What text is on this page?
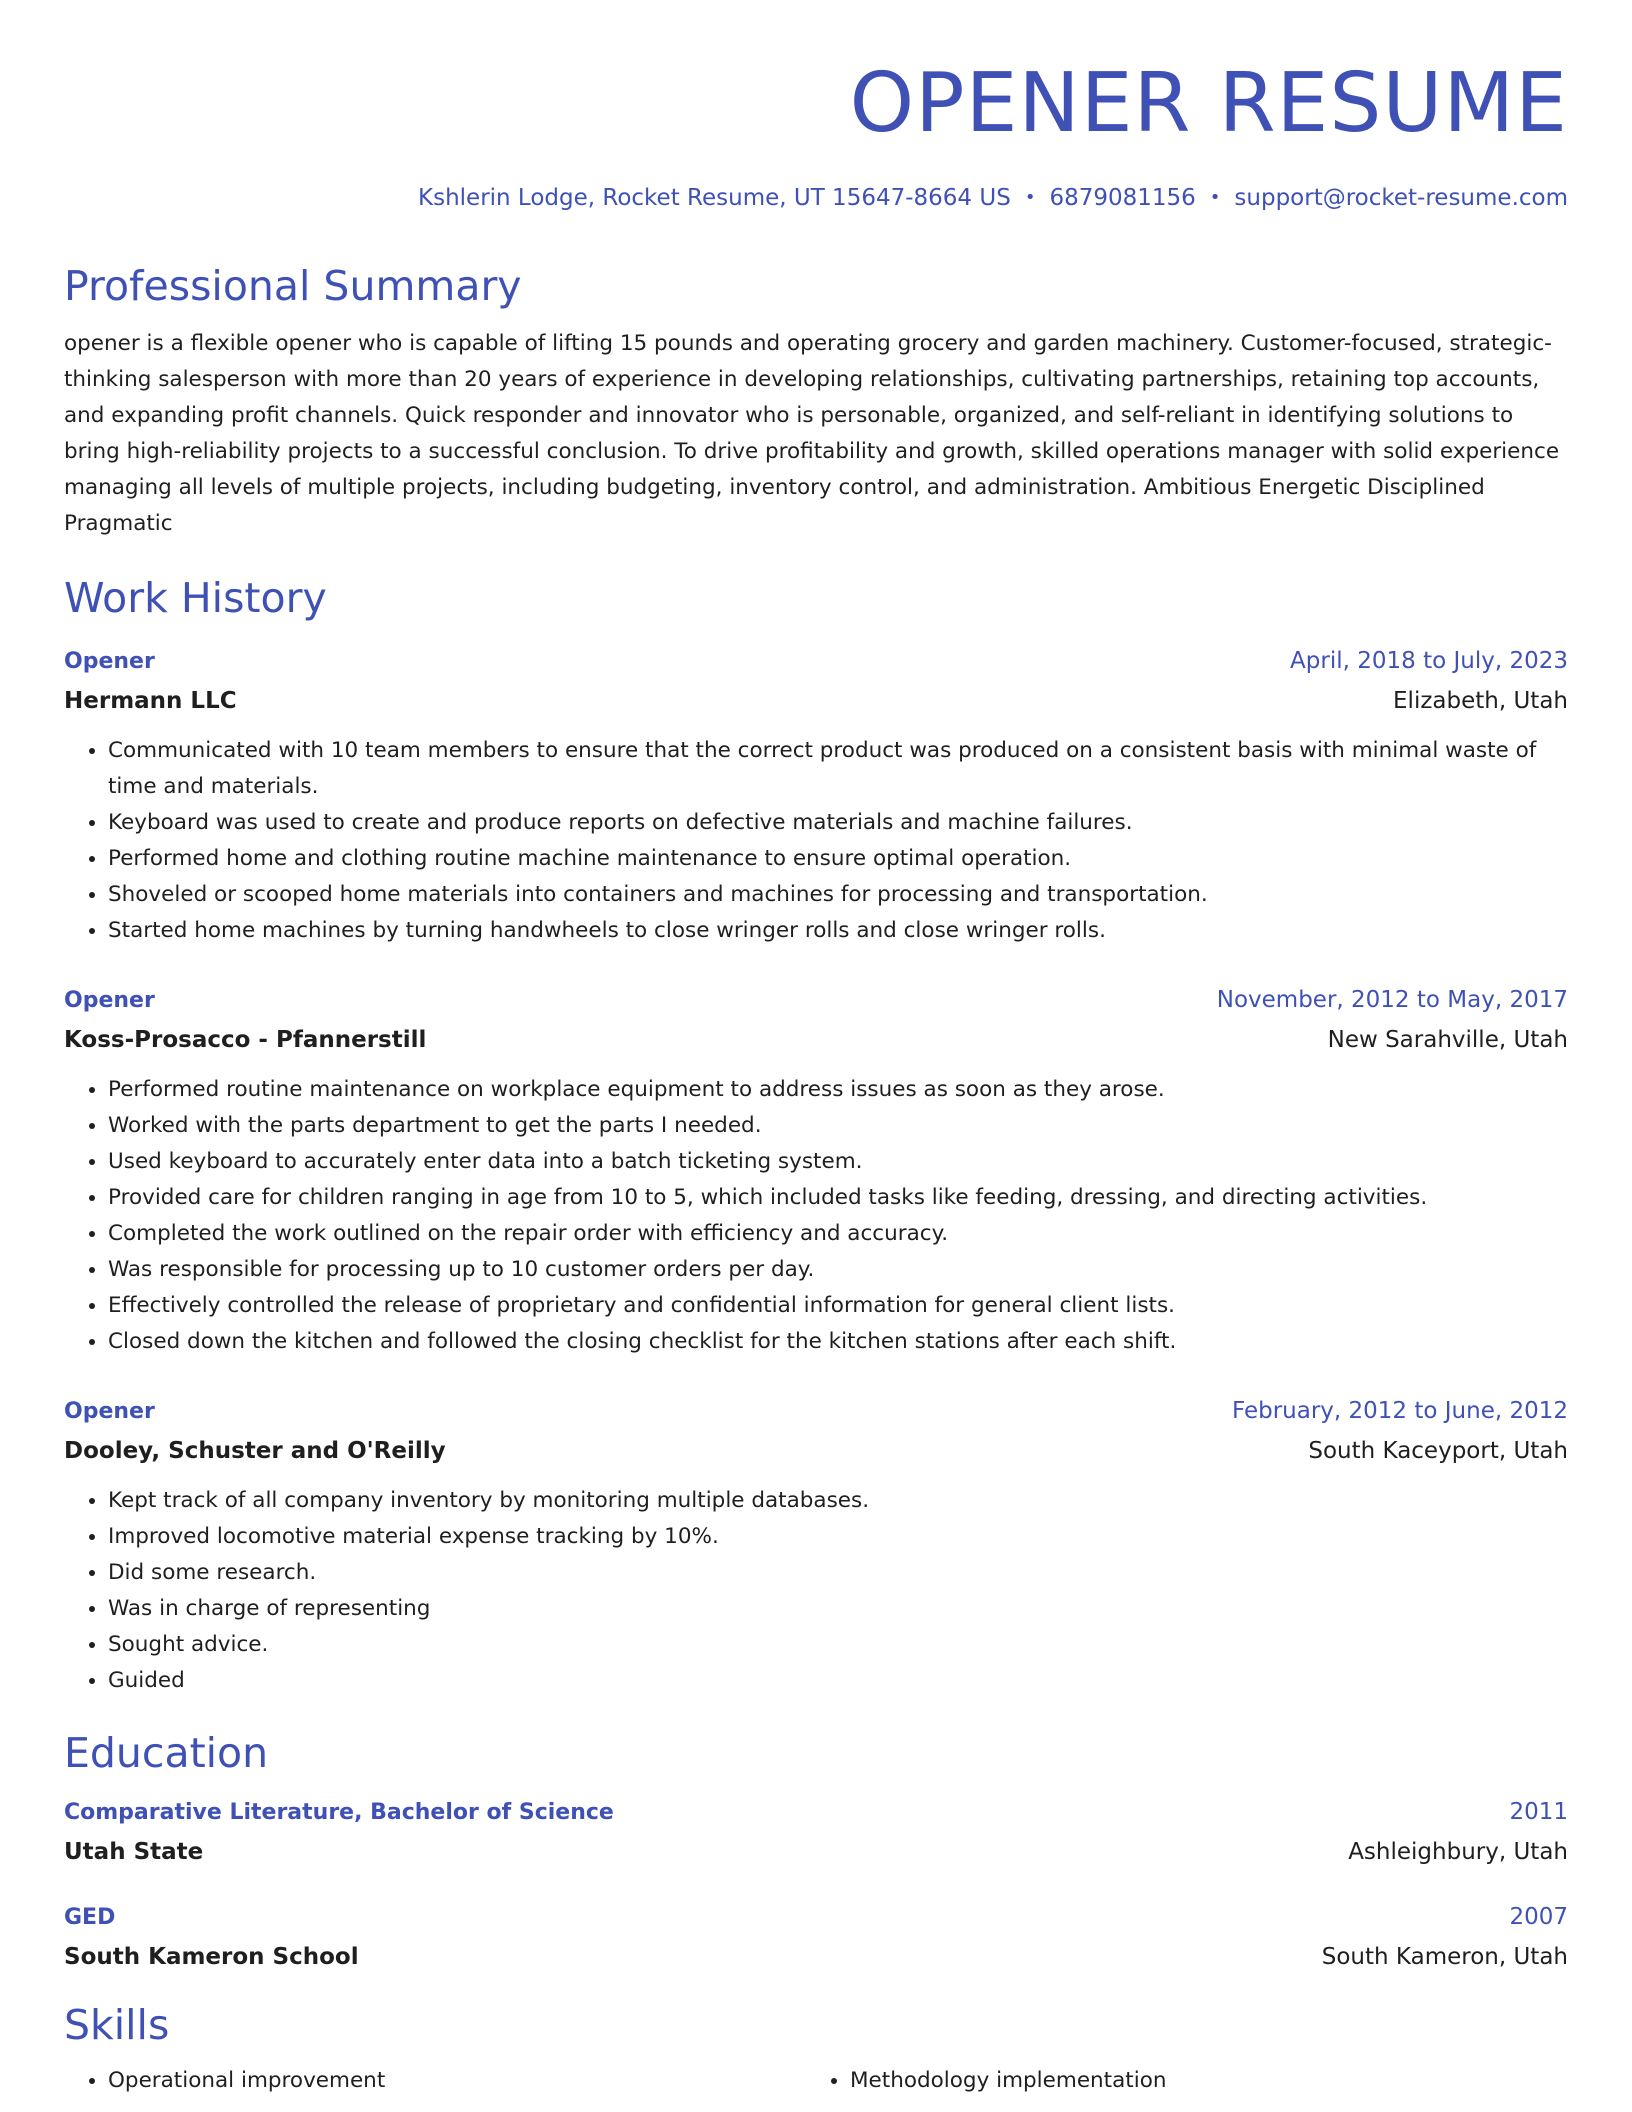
OPENER RESUME
Kshlerin Lodge, Rocket Resume, UT 15647-8664 US • 6879081156 • support@rocket-resume.com
Professional Summary

opener is a flexible opener who is capable of lifting 15 pounds and operating grocery and garden machinery. Customer-focused, strategic-thinking salesperson with more than 20 years of experience in developing relationships, cultivating partnerships, retaining top accounts, and expanding profit channels. Quick responder and innovator who is personable, organized, and self-reliant in identifying solutions to bring high-reliability projects to a successful conclusion. To drive profitability and growth, skilled operations manager with solid experience managing all levels of multiple projects, including budgeting, inventory control, and administration. Ambitious Energetic Disciplined Pragmatic

Work History
Opener	April, 2018 to July, 2023
Hermann LLC	Elizabeth, Utah
• Communicated with 10 team members to ensure that the correct product was produced on a consistent basis with minimal waste of time and materials.
• Keyboard was used to create and produce reports on defective materials and machine failures.
• Performed home and clothing routine machine maintenance to ensure optimal operation.
• Shoveled or scooped home materials into containers and machines for processing and transportation.
• Started home machines by turning handwheels to close wringer rolls and close wringer rolls.
Opener	November, 2012 to May, 2017
Koss-Prosacco - Pfannerstill	New Sarahville, Utah
• Performed routine maintenance on workplace equipment to address issues as soon as they arose.
• Worked with the parts department to get the parts I needed.
• Used keyboard to accurately enter data into a batch ticketing system.
• Provided care for children ranging in age from 10 to 5, which included tasks like feeding, dressing, and directing activities.
• Completed the work outlined on the repair order with efficiency and accuracy.
• Was responsible for processing up to 10 customer orders per day.
• Effectively controlled the release of proprietary and confidential information for general client lists.
• Closed down the kitchen and followed the closing checklist for the kitchen stations after each shift.
Opener	February, 2012 to June, 2012
Dooley, Schuster and O'Reilly	South Kaceyport, Utah
• Kept track of all company inventory by monitoring multiple databases.
• Improved locomotive material expense tracking by 10%.
• Did some research.
• Was in charge of representing
• Sought advice.
• Guided
Education
Comparative Literature, Bachelor of Science	2011
Utah State	Ashleighbury, Utah
GED	2007
South Kameron School	South Kameron, Utah
Skills
• Operational improvement
•	Methodology implementation
